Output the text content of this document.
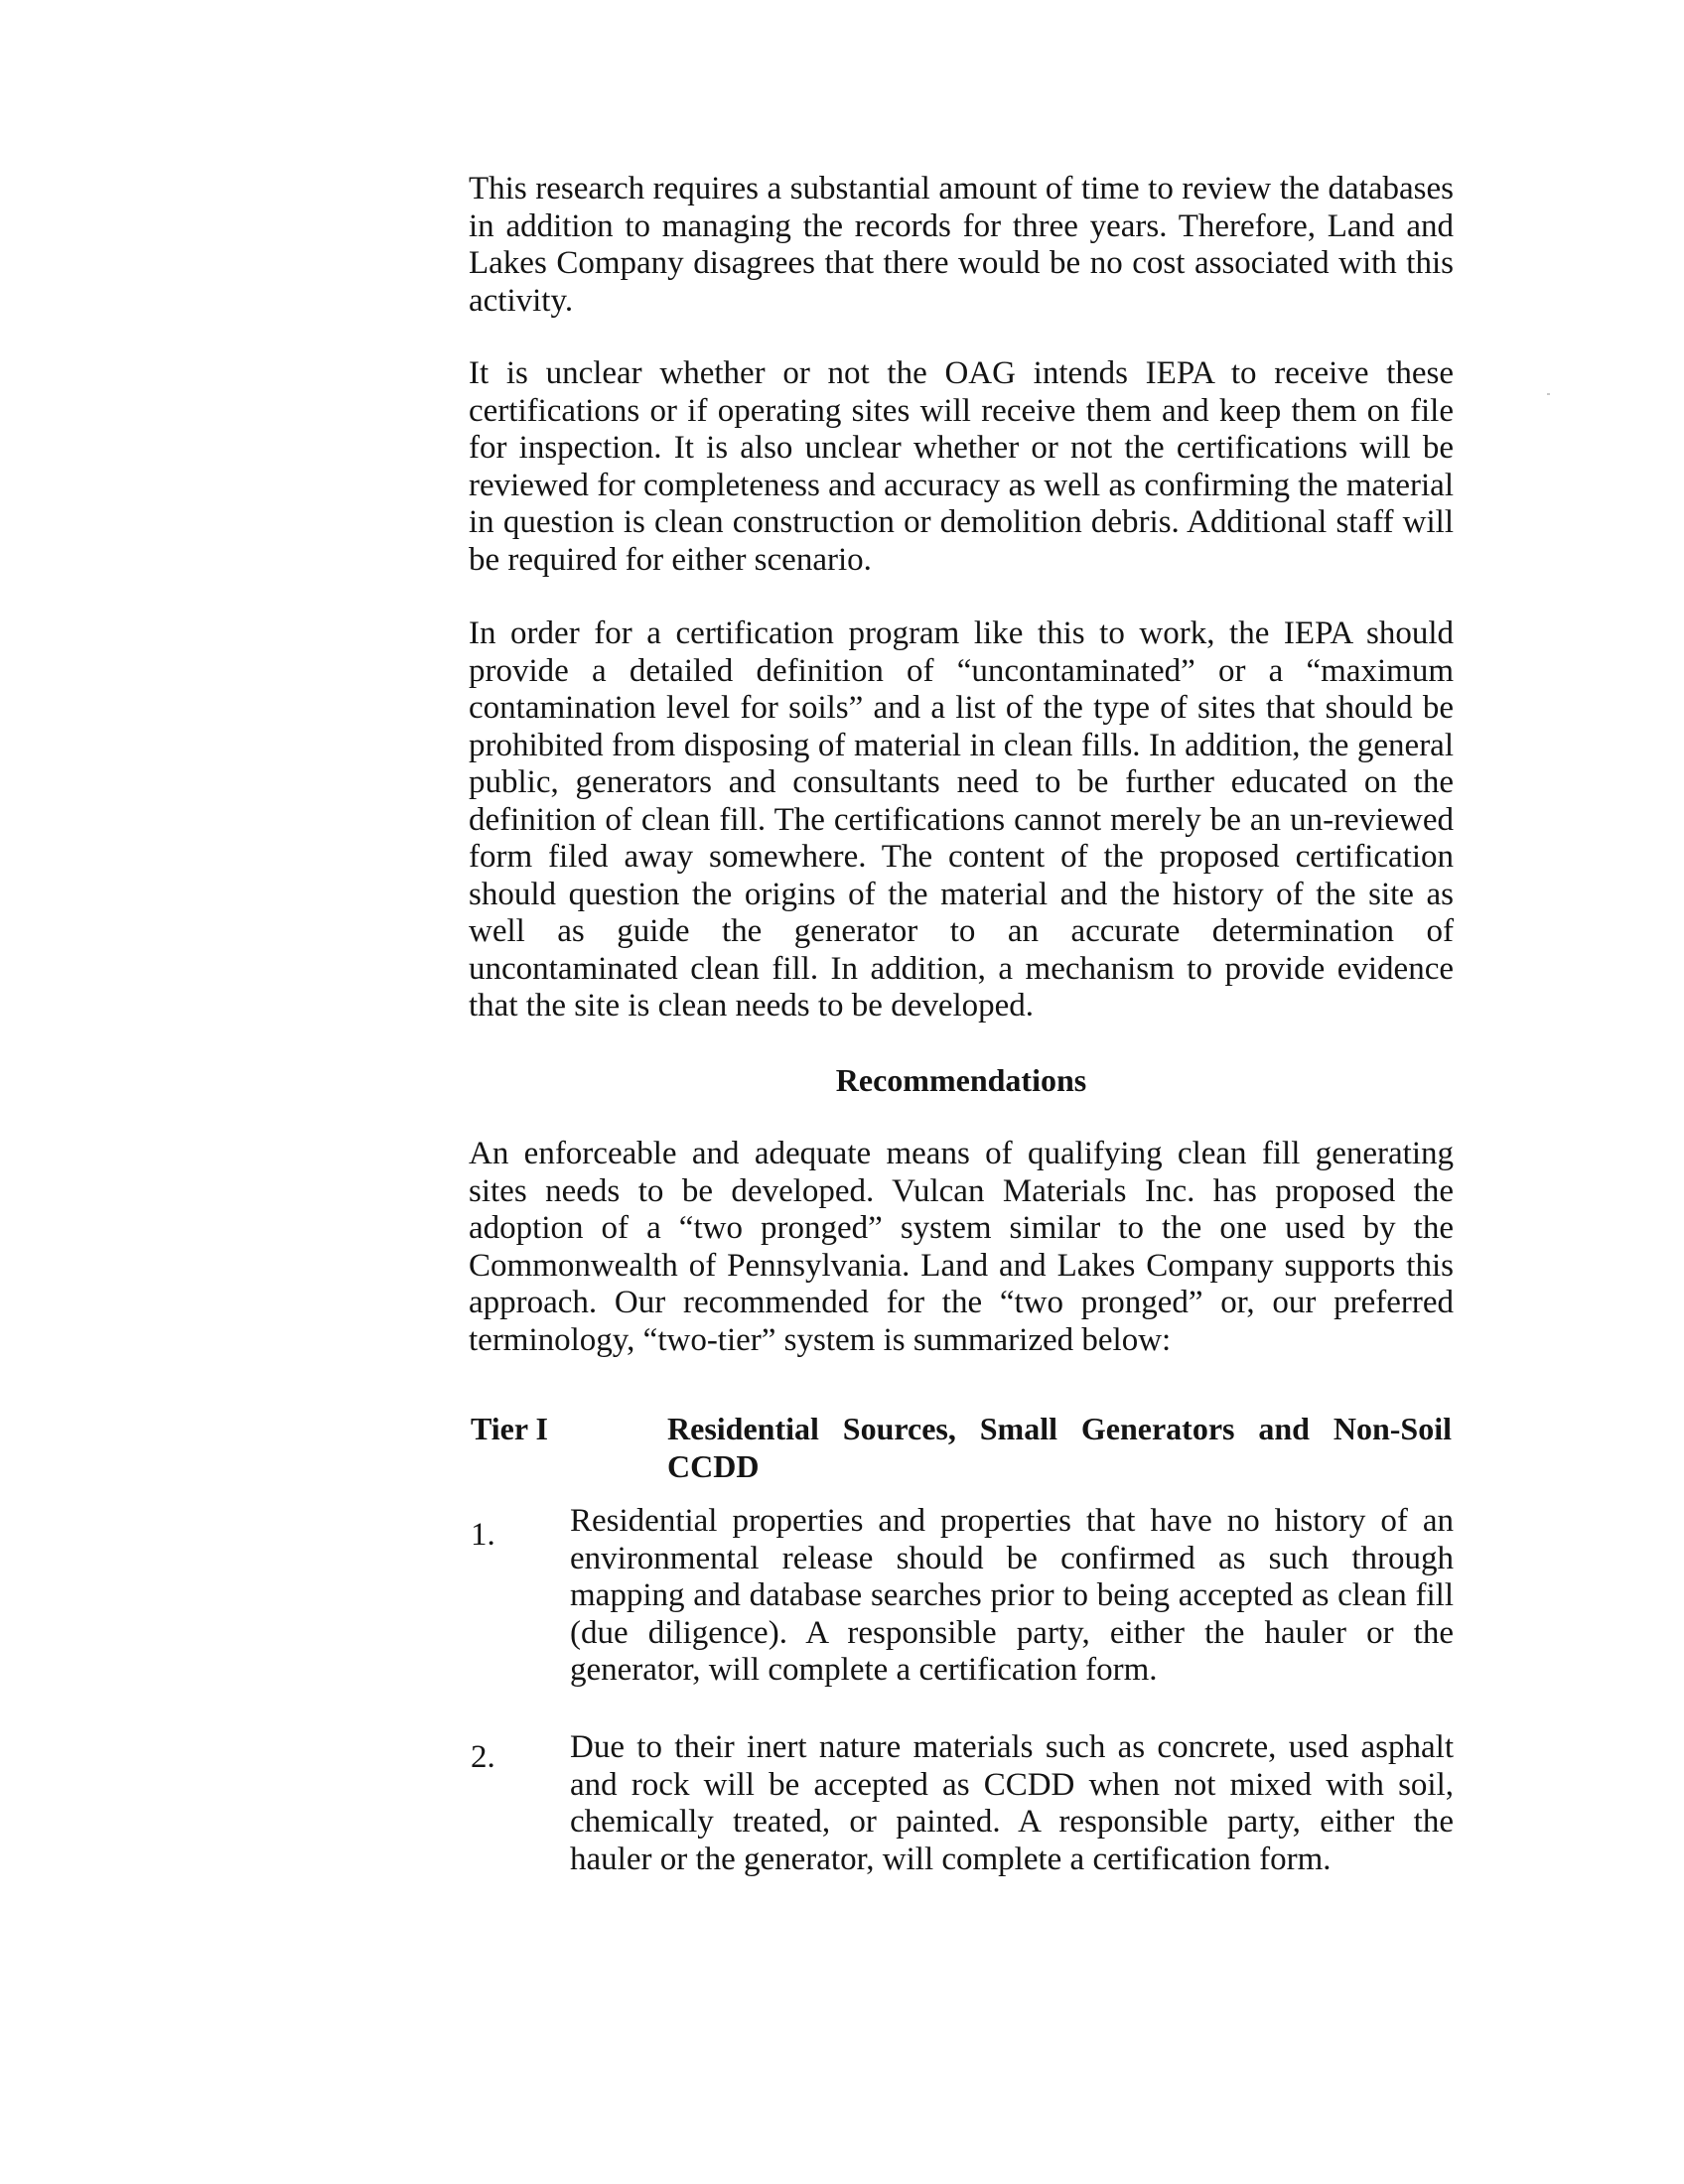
This research requires a substantial amount of time to review the databases in addition to managing the records for three years. Therefore, Land and Lakes Company disagrees that there would be no cost associated with this activity.

It is unclear whether or not the OAG intends IEPA to receive these certifications or if operating sites will receive them and keep them on file for inspection. It is also unclear whether or not the certifications will be reviewed for completeness and accuracy as well as confirming the material in question is clean construction or demolition debris. Additional staff will be required for either scenario.

In order for a certification program like this to work, the IEPA should provide a detailed definition of “uncontaminated” or a “maximum contamination level for soils” and a list of the type of sites that should be prohibited from disposing of material in clean fills. In addition, the general public, generators and consultants need to be further educated on the definition of clean fill. The certifications cannot merely be an un-reviewed form filed away somewhere. The content of the proposed certification should question the origins of the material and the history of the site as well as guide the generator to an accurate determination of uncontaminated clean fill. In addition, a mechanism to provide evidence that the site is clean needs to be developed.

Recommendations

An enforceable and adequate means of qualifying clean fill generating sites needs to be developed. Vulcan Materials Inc. has proposed the adoption of a “two pronged” system similar to the one used by the Commonwealth of Pennsylvania. Land and Lakes Company supports this approach. Our recommended for the “two pronged” or, our preferred terminology, “two-tier” system is summarized below:

Tier I	Residential Sources, Small Generators and Non-Soil CCDD

1. Residential properties and properties that have no history of an environmental release should be confirmed as such through mapping and database searches prior to being accepted as clean fill (due diligence). A responsible party, either the hauler or the generator, will complete a certification form.

2. Due to their inert nature materials such as concrete, used asphalt and rock will be accepted as CCDD when not mixed with soil, chemically treated, or painted. A responsible party, either the hauler or the generator, will complete a certification form.
